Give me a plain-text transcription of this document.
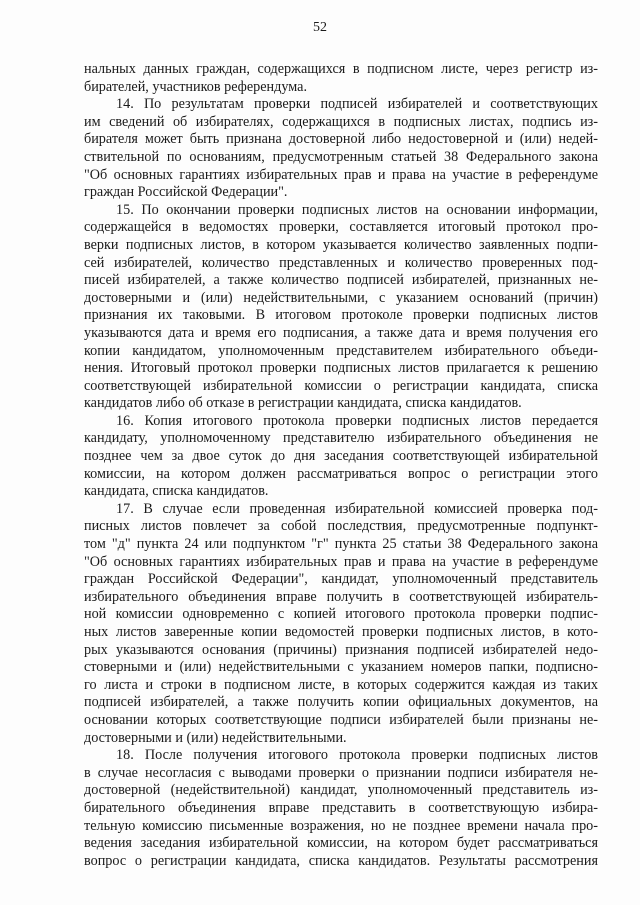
52
нальных данных граждан, содержащихся в подписном листе, через регистр из-
бирателей, участников референдума.
14. По результатам проверки подписей избирателей и соответствующих
им сведений об избирателях, содержащихся в подписных листах, подпись из-
бирателя может быть признана достоверной либо недостоверной и (или) недей-
ствительной по основаниям, предусмотренным статьей 38 Федерального закона
"Об основных гарантиях избирательных прав и права на участие в референдуме
граждан Российской Федерации".
15. По окончании проверки подписных листов на основании информации,
содержащейся в ведомостях проверки, составляется итоговый протокол про-
верки подписных листов, в котором указывается количество заявленных подпи-
сей избирателей, количество представленных и количество проверенных под-
писей избирателей, а также количество подписей избирателей, признанных не-
достоверными и (или) недействительными, с указанием оснований (причин)
признания их таковыми. В итоговом протоколе проверки подписных листов
указываются дата и время его подписания, а также дата и время получения его
копии кандидатом, уполномоченным представителем избирательного объеди-
нения. Итоговый протокол проверки подписных листов прилагается к решению
соответствующей избирательной комиссии о регистрации кандидата, списка
кандидатов либо об отказе в регистрации кандидата, списка кандидатов.
16. Копия итогового протокола проверки подписных листов передается
кандидату, уполномоченному представителю избирательного объединения не
позднее чем за двое суток до дня заседания соответствующей избирательной
комиссии, на котором должен рассматриваться вопрос о регистрации этого
кандидата, списка кандидатов.
17. В случае если проведенная избирательной комиссией проверка под-
писных листов повлечет за собой последствия, предусмотренные подпункт-
том "д" пункта 24 или подпунктом "г" пункта 25 статьи 38 Федерального закона
"Об основных гарантиях избирательных прав и права на участие в референдуме
граждан Российской Федерации", кандидат, уполномоченный представитель
избирательного объединения вправе получить в соответствующей избиратель-
ной комиссии одновременно с копией итогового протокола проверки подпис-
ных листов заверенные копии ведомостей проверки подписных листов, в кото-
рых указываются основания (причины) признания подписей избирателей недо-
стоверными и (или) недействительными с указанием номеров папки, подписно-
го листа и строки в подписном листе, в которых содержится каждая из таких
подписей избирателей, а также получить копии официальных документов, на
основании которых соответствующие подписи избирателей были признаны не-
достоверными и (или) недействительными.
18. После получения итогового протокола проверки подписных листов
в случае несогласия с выводами проверки о признании подписи избирателя не-
достоверной (недействительной) кандидат, уполномоченный представитель из-
бирательного объединения вправе представить в соответствующую избира-
тельную комиссию письменные возражения, но не позднее времени начала про-
ведения заседания избирательной комиссии, на котором будет рассматриваться
вопрос о регистрации кандидата, списка кандидатов. Результаты рассмотрения
